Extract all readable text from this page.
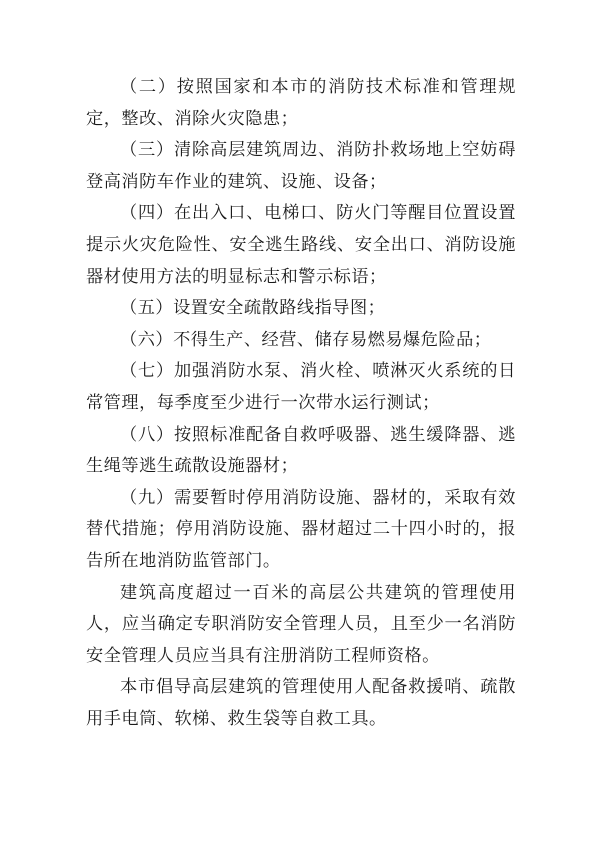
（二）按照国家和本市的消防技术标准和管理规定，整改、消除火灾隐患；

（三）清除高层建筑周边、消防扑救场地上空妨碍登高消防车作业的建筑、设施、设备；

（四）在出入口、电梯口、防火门等醒目位置设置提示火灾危险性、安全逃生路线、安全出口、消防设施器材使用方法的明显标志和警示标语；

（五）设置安全疏散路线指导图；

（六）不得生产、经营、储存易燃易爆危险品；

（七）加强消防水泵、消火栓、喷淋灭火系统的日常管理，每季度至少进行一次带水运行测试；

（八）按照标准配备自救呼吸器、逃生缓降器、逃生绳等逃生疏散设施器材；

（九）需要暂时停用消防设施、器材的，采取有效替代措施；停用消防设施、器材超过二十四小时的，报告所在地消防监管部门。

建筑高度超过一百米的高层公共建筑的管理使用人，应当确定专职消防安全管理人员，且至少一名消防安全管理人员应当具有注册消防工程师资格。

本市倡导高层建筑的管理使用人配备救援哨、疏散用手电筒、软梯、救生袋等自救工具。
